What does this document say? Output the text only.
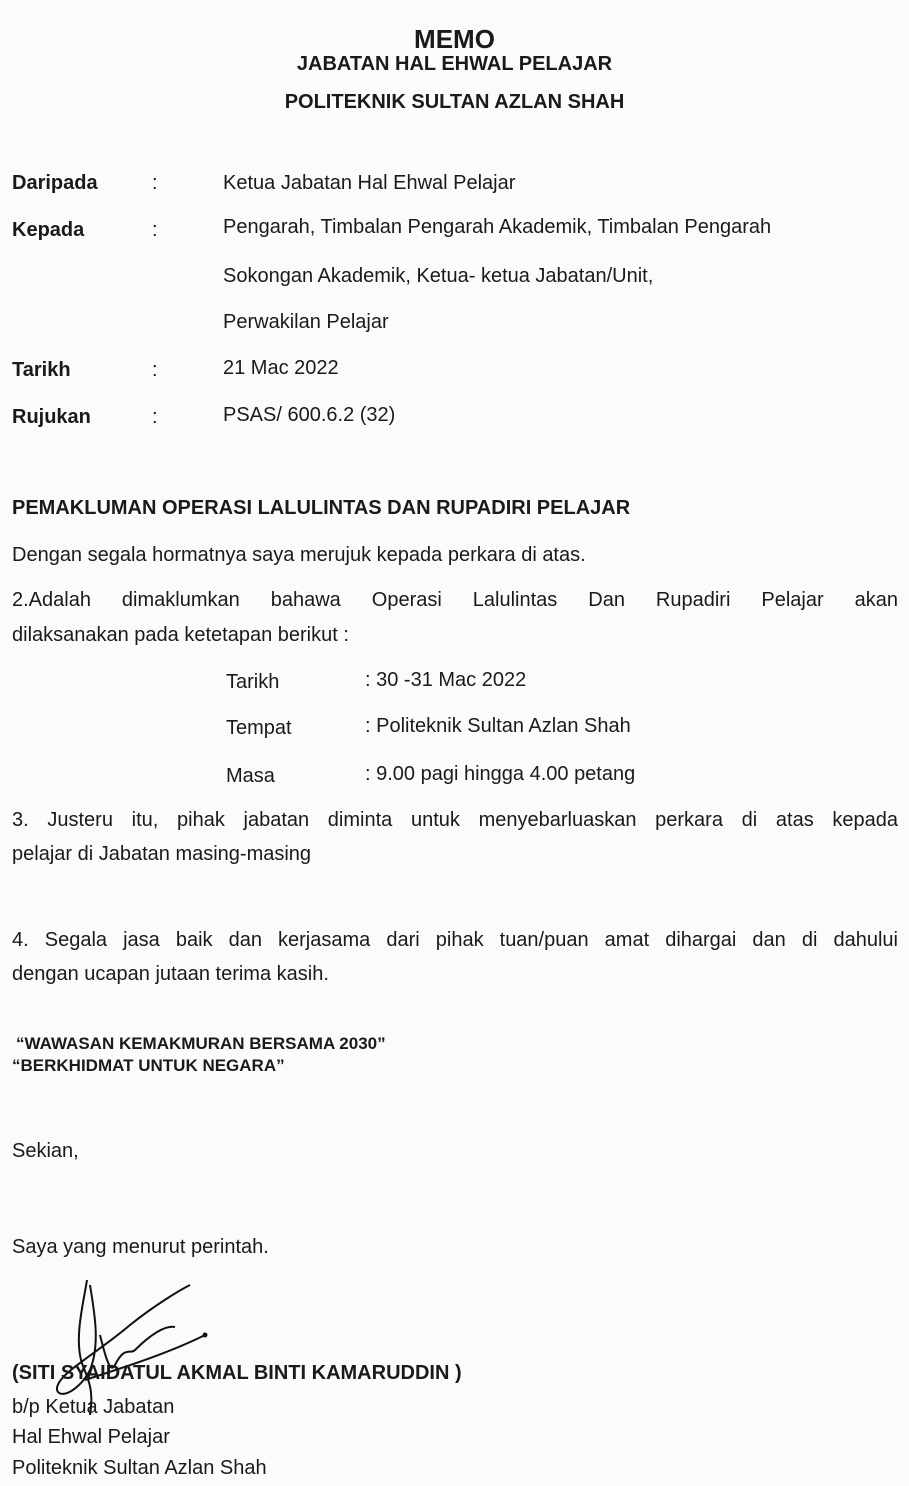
MEMO
JABATAN HAL EHWAL PELAJAR
POLITEKNIK SULTAN AZLAN SHAH
Daripada	:	Ketua Jabatan Hal Ehwal Pelajar
Kepada	:	Pengarah, Timbalan Pengarah Akademik, Timbalan Pengarah
Sokongan Akademik, Ketua- ketua Jabatan/Unit,
Perwakilan Pelajar
Tarikh	:	21 Mac 2022
Rujukan	:	PSAS/ 600.6.2 (32)
PEMAKLUMAN OPERASI LALULINTAS DAN RUPADIRI PELAJAR
Dengan segala hormatnya saya merujuk kepada perkara di atas.
2.Adalah dimaklumkan bahawa Operasi Lalulintas Dan Rupadiri Pelajar akan
dilaksanakan pada ketetapan berikut :
Tarikh	: 30 -31 Mac 2022
Tempat	: Politeknik Sultan Azlan Shah
Masa	: 9.00 pagi hingga 4.00 petang
3. Justeru itu, pihak jabatan diminta untuk menyebarluaskan perkara di atas kepada
pelajar di Jabatan masing-masing
4. Segala jasa baik dan kerjasama dari pihak tuan/puan amat dihargai dan di dahului
dengan ucapan jutaan terima kasih.
“WAWASAN KEMAKMURAN BERSAMA 2030”
“BERKHIDMAT UNTUK NEGARA”
Sekian,
Saya yang menurut perintah.
(SITI SYAIDATUL AKMAL BINTI KAMARUDDIN )
b/p Ketua Jabatan
Hal Ehwal Pelajar
Politeknik Sultan Azlan Shah
